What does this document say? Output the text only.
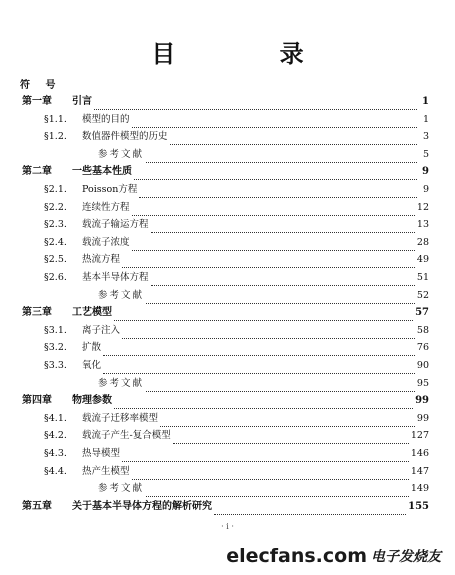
目 录
符 号
第一章	引言	1
§1.1.	模型的目的	1
§1.2.	数值器件模型的历史	3
参考文献	5
第二章	一些基本性质	9
§2.1.	Poisson方程	9
§2.2.	连续性方程	12
§2.3.	载流子输运方程	13
§2.4.	载流子浓度	28
§2.5.	热流方程	49
§2.6.	基本半导体方程	51
参考文献	52
第三章	工艺模型	57
§3.1.	离子注入	58
§3.2.	扩散	76
§3.3.	氧化	90
参考文献	95
第四章	物理参数	99
§4.1.	载流子迁移率模型	99
§4.2.	载流子产生-复合模型	127
§4.3.	热导模型	146
§4.4.	热产生模型	147
参考文献	149
第五章	关于基本半导体方程的解析研究	155
· i ·
elecfans.com 电子发烧友
